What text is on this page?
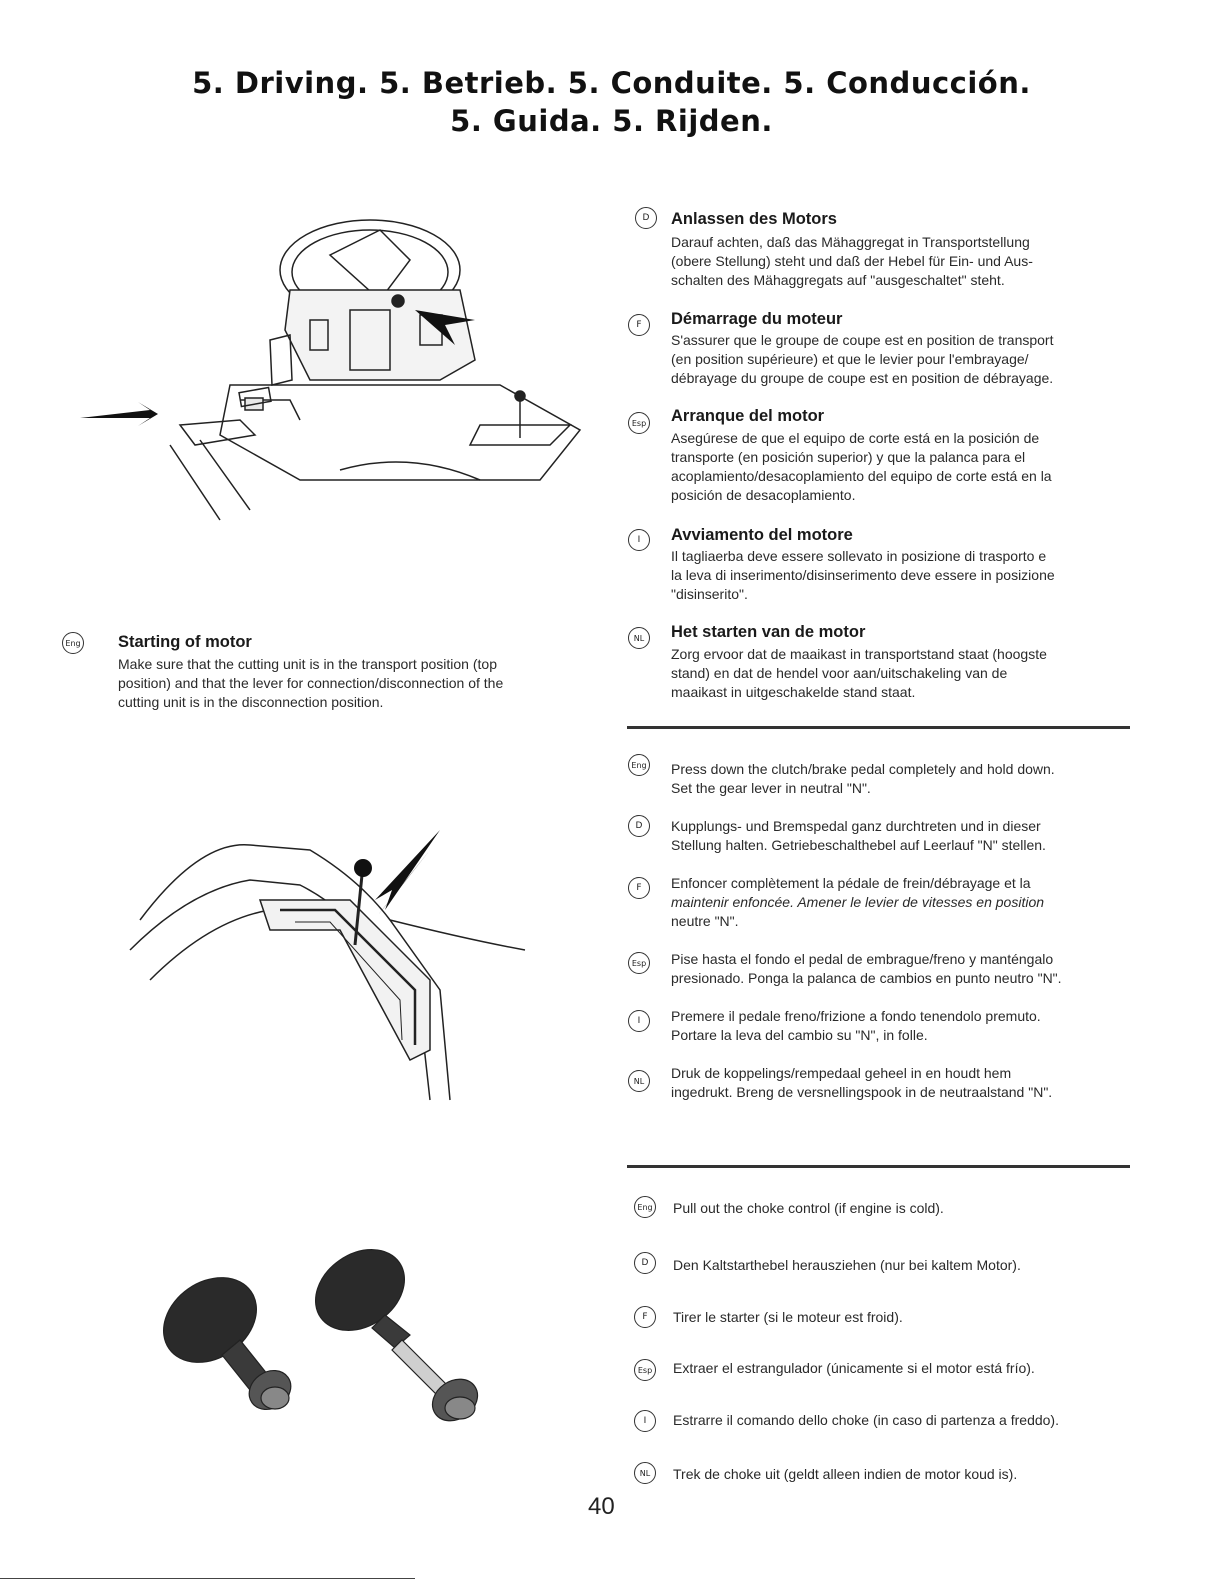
5. Driving. 5. Betrieb. 5. Conduite. 5. Conducción.
5. Guida. 5. Rijden.
Eng Starting of motor
Make sure that the cutting unit is in the transport position (top
position) and that the lever for connection/disconnection of the
cutting unit is in the disconnection position.
D	Anlassen des Motors
Darauf achten, daß das Mähaggregat in Transportstellung
(obere Stellung) steht und daß der Hebel für Ein- und Aus-
schalten des Mähaggregats auf "ausgeschaltet" steht.
F	Démarrage du moteur
S'assurer que le groupe de coupe est en position de transport
(en position supérieure) et que le levier pour l'embrayage/
débrayage du groupe de coupe est en position de débrayage.
Esp Arranque del motor
Asegúrese de que el equipo de corte está en la posición de
transporte (en posición superior) y que la palanca para el
acoplamiento/desacoplamiento del equipo de corte está en la
posición de desacoplamiento.
I	Avviamento del motore
Il tagliaerba deve essere sollevato in posizione di trasporto e
la leva di inserimento/disinserimento deve essere in posizione
"disinserito".
NL	Het starten van de motor
Zorg ervoor dat de maaikast in transportstand staat (hoogste
stand) en dat de hendel voor aan/uitschakeling van de
maaikast in uitgeschakelde stand staat.
Eng Press down the clutch/brake pedal completely and hold down.
Set the gear lever in neutral "N".
D	Kupplungs- und Bremspedal ganz durchtreten und in dieser
Stellung halten. Getriebeschalthebel auf Leerlauf "N" stellen.
F	Enfoncer complètement la pédale de frein/débrayage et la
maintenir enfoncée. Amener le levier de vitesses en position
neutre "N".
Esp Pise hasta el fondo el pedal de embrague/freno y manténgalo
presionado. Ponga la palanca de cambios en punto neutro "N".
I	Premere il pedale freno/frizione a fondo tenendolo premuto.
Portare la leva del cambio su "N", in folle.
NL	Druk de koppelings/rempedaal geheel in en houdt hem
ingedrukt. Breng de versnellingspook in de neutraalstand "N".
Eng Pull out the choke control (if engine is cold).
D	Den Kaltstarthebel herausziehen (nur bei kaltem Motor).
F	Tirer le starter (si le moteur est froid).
Esp Extraer el estrangulador (únicamente si el motor está frío).
I	Estrarre il comando dello choke (in caso di partenza a freddo).
NL	Trek de choke uit (geldt alleen indien de motor koud is).
40
